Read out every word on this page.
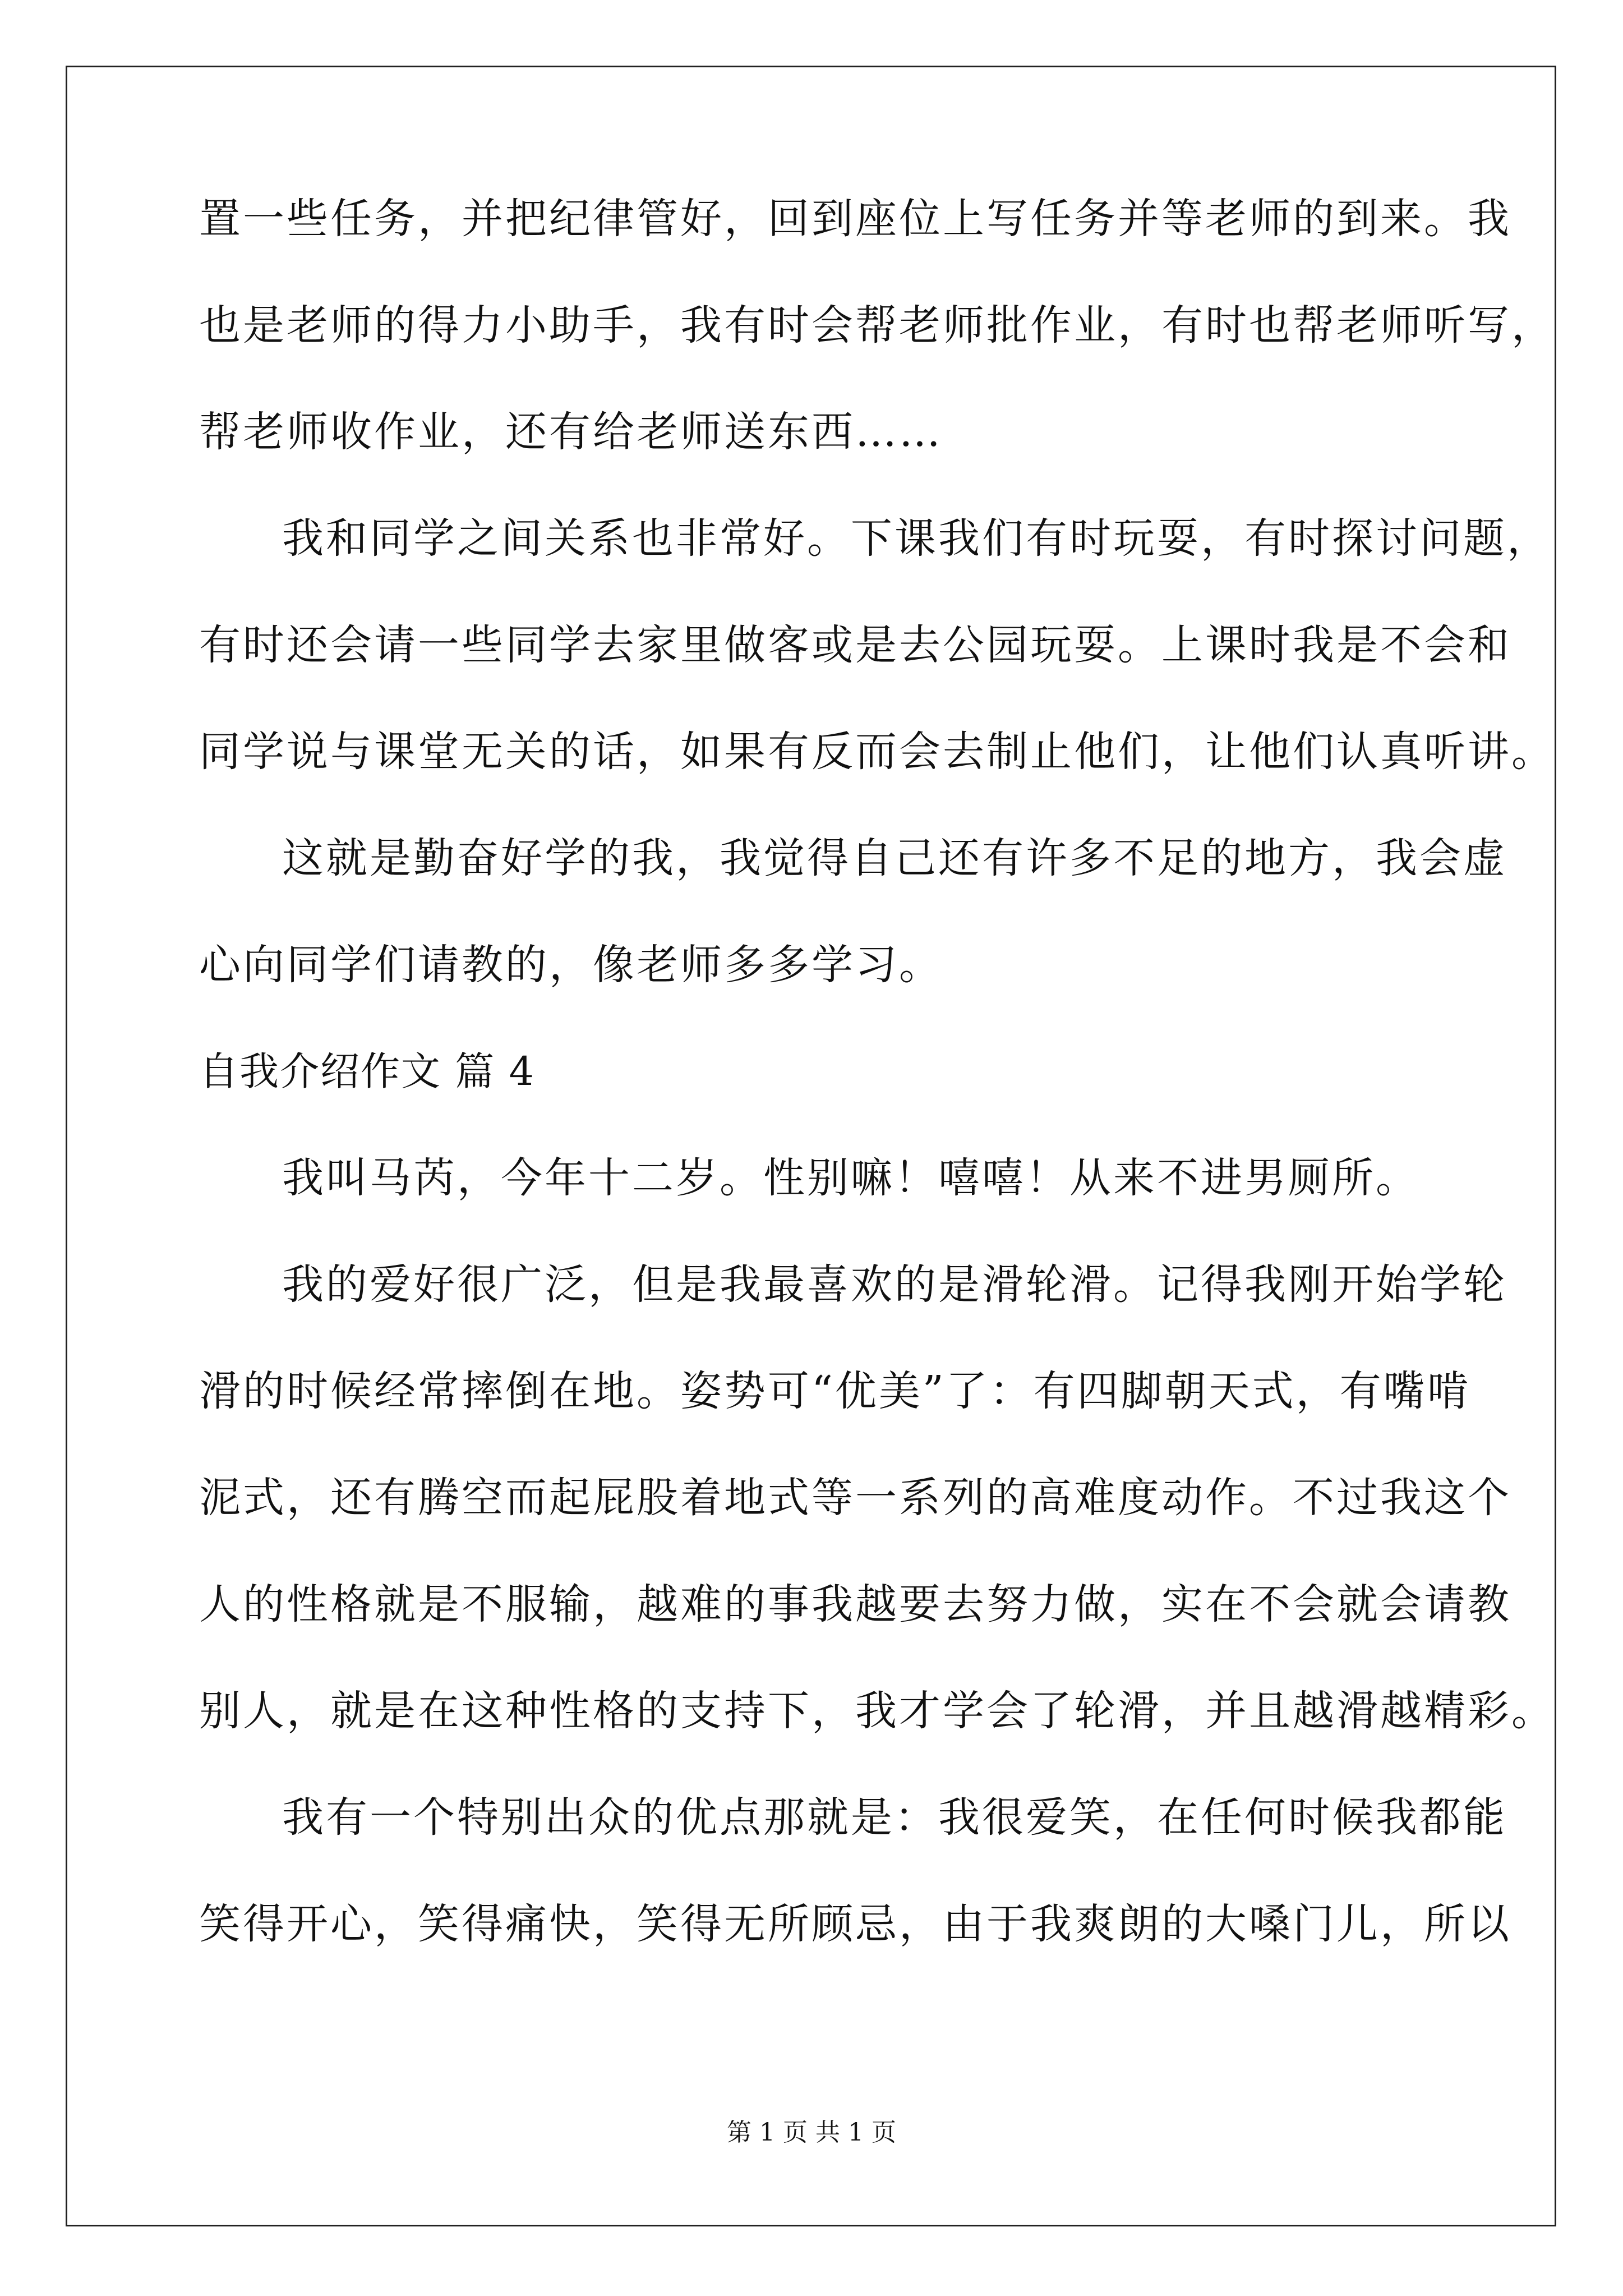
置一些任务，并把纪律管好，回到座位上写任务并等老师的到来。我
也是老师的得力小助手，我有时会帮老师批作业，有时也帮老师听写，
帮老师收作业，还有给老师送东西……
我和同学之间关系也非常好。下课我们有时玩耍，有时探讨问题，
有时还会请一些同学去家里做客或是去公园玩耍。上课时我是不会和
同学说与课堂无关的话，如果有反而会去制止他们，让他们认真听讲。
这就是勤奋好学的我，我觉得自己还有许多不足的地方，我会虚
心向同学们请教的，像老师多多学习。
自我介绍作文 篇 4
我叫马芮，今年十二岁。性别嘛！嘻嘻！从来不进男厕所。
我的爱好很广泛，但是我最喜欢的是滑轮滑。记得我刚开始学轮
滑的时候经常摔倒在地。姿势可“优美”了：有四脚朝天式，有嘴啃
泥式，还有腾空而起屁股着地式等一系列的高难度动作。不过我这个
人的性格就是不服输，越难的事我越要去努力做，实在不会就会请教
别人，就是在这种性格的支持下，我才学会了轮滑，并且越滑越精彩。
我有一个特别出众的优点那就是：我很爱笑，在任何时候我都能
笑得开心，笑得痛快，笑得无所顾忌，由于我爽朗的大嗓门儿，所以
第 1 页 共 1 页
